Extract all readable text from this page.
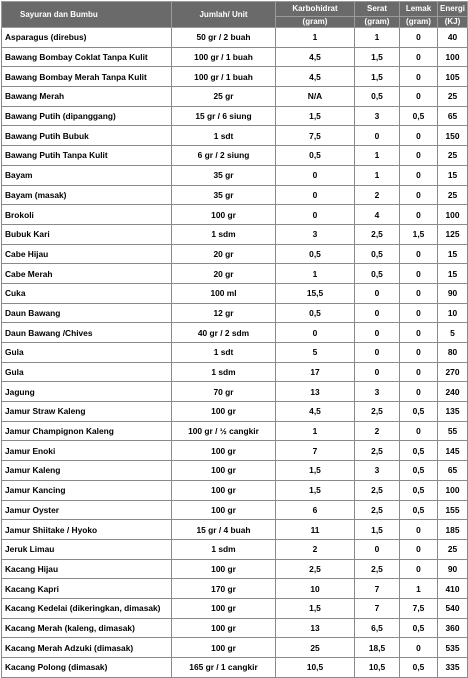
Sayuran dan Bumbu	Jumlah/ Unit	Karbohidrat	Serat	Lemak	Energi
		(gram)	(gram)	(gram)	(KJ)
Asparagus (direbus)	50 gr / 2 buah	1	1	0	40
Bawang Bombay Coklat Tanpa Kulit	100 gr / 1 buah	4,5	1,5	0	100
Bawang Bombay Merah Tanpa Kulit	100 gr / 1 buah	4,5	1,5	0	105
Bawang Merah	25 gr	N/A	0,5	0	25
Bawang Putih (dipanggang)	15 gr / 6 siung	1,5	3	0,5	65
Bawang Putih Bubuk	1 sdt	7,5	0	0	150
Bawang Putih Tanpa Kulit	6 gr / 2 siung	0,5	1	0	25
Bayam	35 gr	0	1	0	15
Bayam (masak)	35 gr	0	2	0	25
Brokoli	100 gr	0	4	0	100
Bubuk Kari	1 sdm	3	2,5	1,5	125
Cabe Hijau	20 gr	0,5	0,5	0	15
Cabe Merah	20 gr	1	0,5	0	15
Cuka	100 ml	15,5	0	0	90
Daun Bawang	12 gr	0,5	0	0	10
Daun Bawang /Chives	40 gr / 2 sdm	0	0	0	5
Gula	1 sdt	5	0	0	80
Gula	1 sdm	17	0	0	270
Jagung	70 gr	13	3	0	240
Jamur Straw Kaleng	100 gr	4,5	2,5	0,5	135
Jamur Champignon Kaleng	100 gr / ½ cangkir	1	2	0	55
Jamur Enoki	100 gr	7	2,5	0,5	145
Jamur Kaleng	100 gr	1,5	3	0,5	65
Jamur Kancing	100 gr	1,5	2,5	0,5	100
Jamur Oyster	100 gr	6	2,5	0,5	155
Jamur Shiitake / Hyoko	15 gr / 4 buah	11	1,5	0	185
Jeruk Limau	1 sdm	2	0	0	25
Kacang Hijau	100 gr	2,5	2,5	0	90
Kacang Kapri	170 gr	10	7	1	410
Kacang Kedelai (dikeringkan, dimasak)	100 gr	1,5	7	7,5	540
Kacang Merah (kaleng, dimasak)	100 gr	13	6,5	0,5	360
Kacang Merah Adzuki (dimasak)	100 gr	25	18,5	0	535
Kacang Polong (dimasak)	165 gr / 1 cangkir	10,5	10,5	0,5	335
